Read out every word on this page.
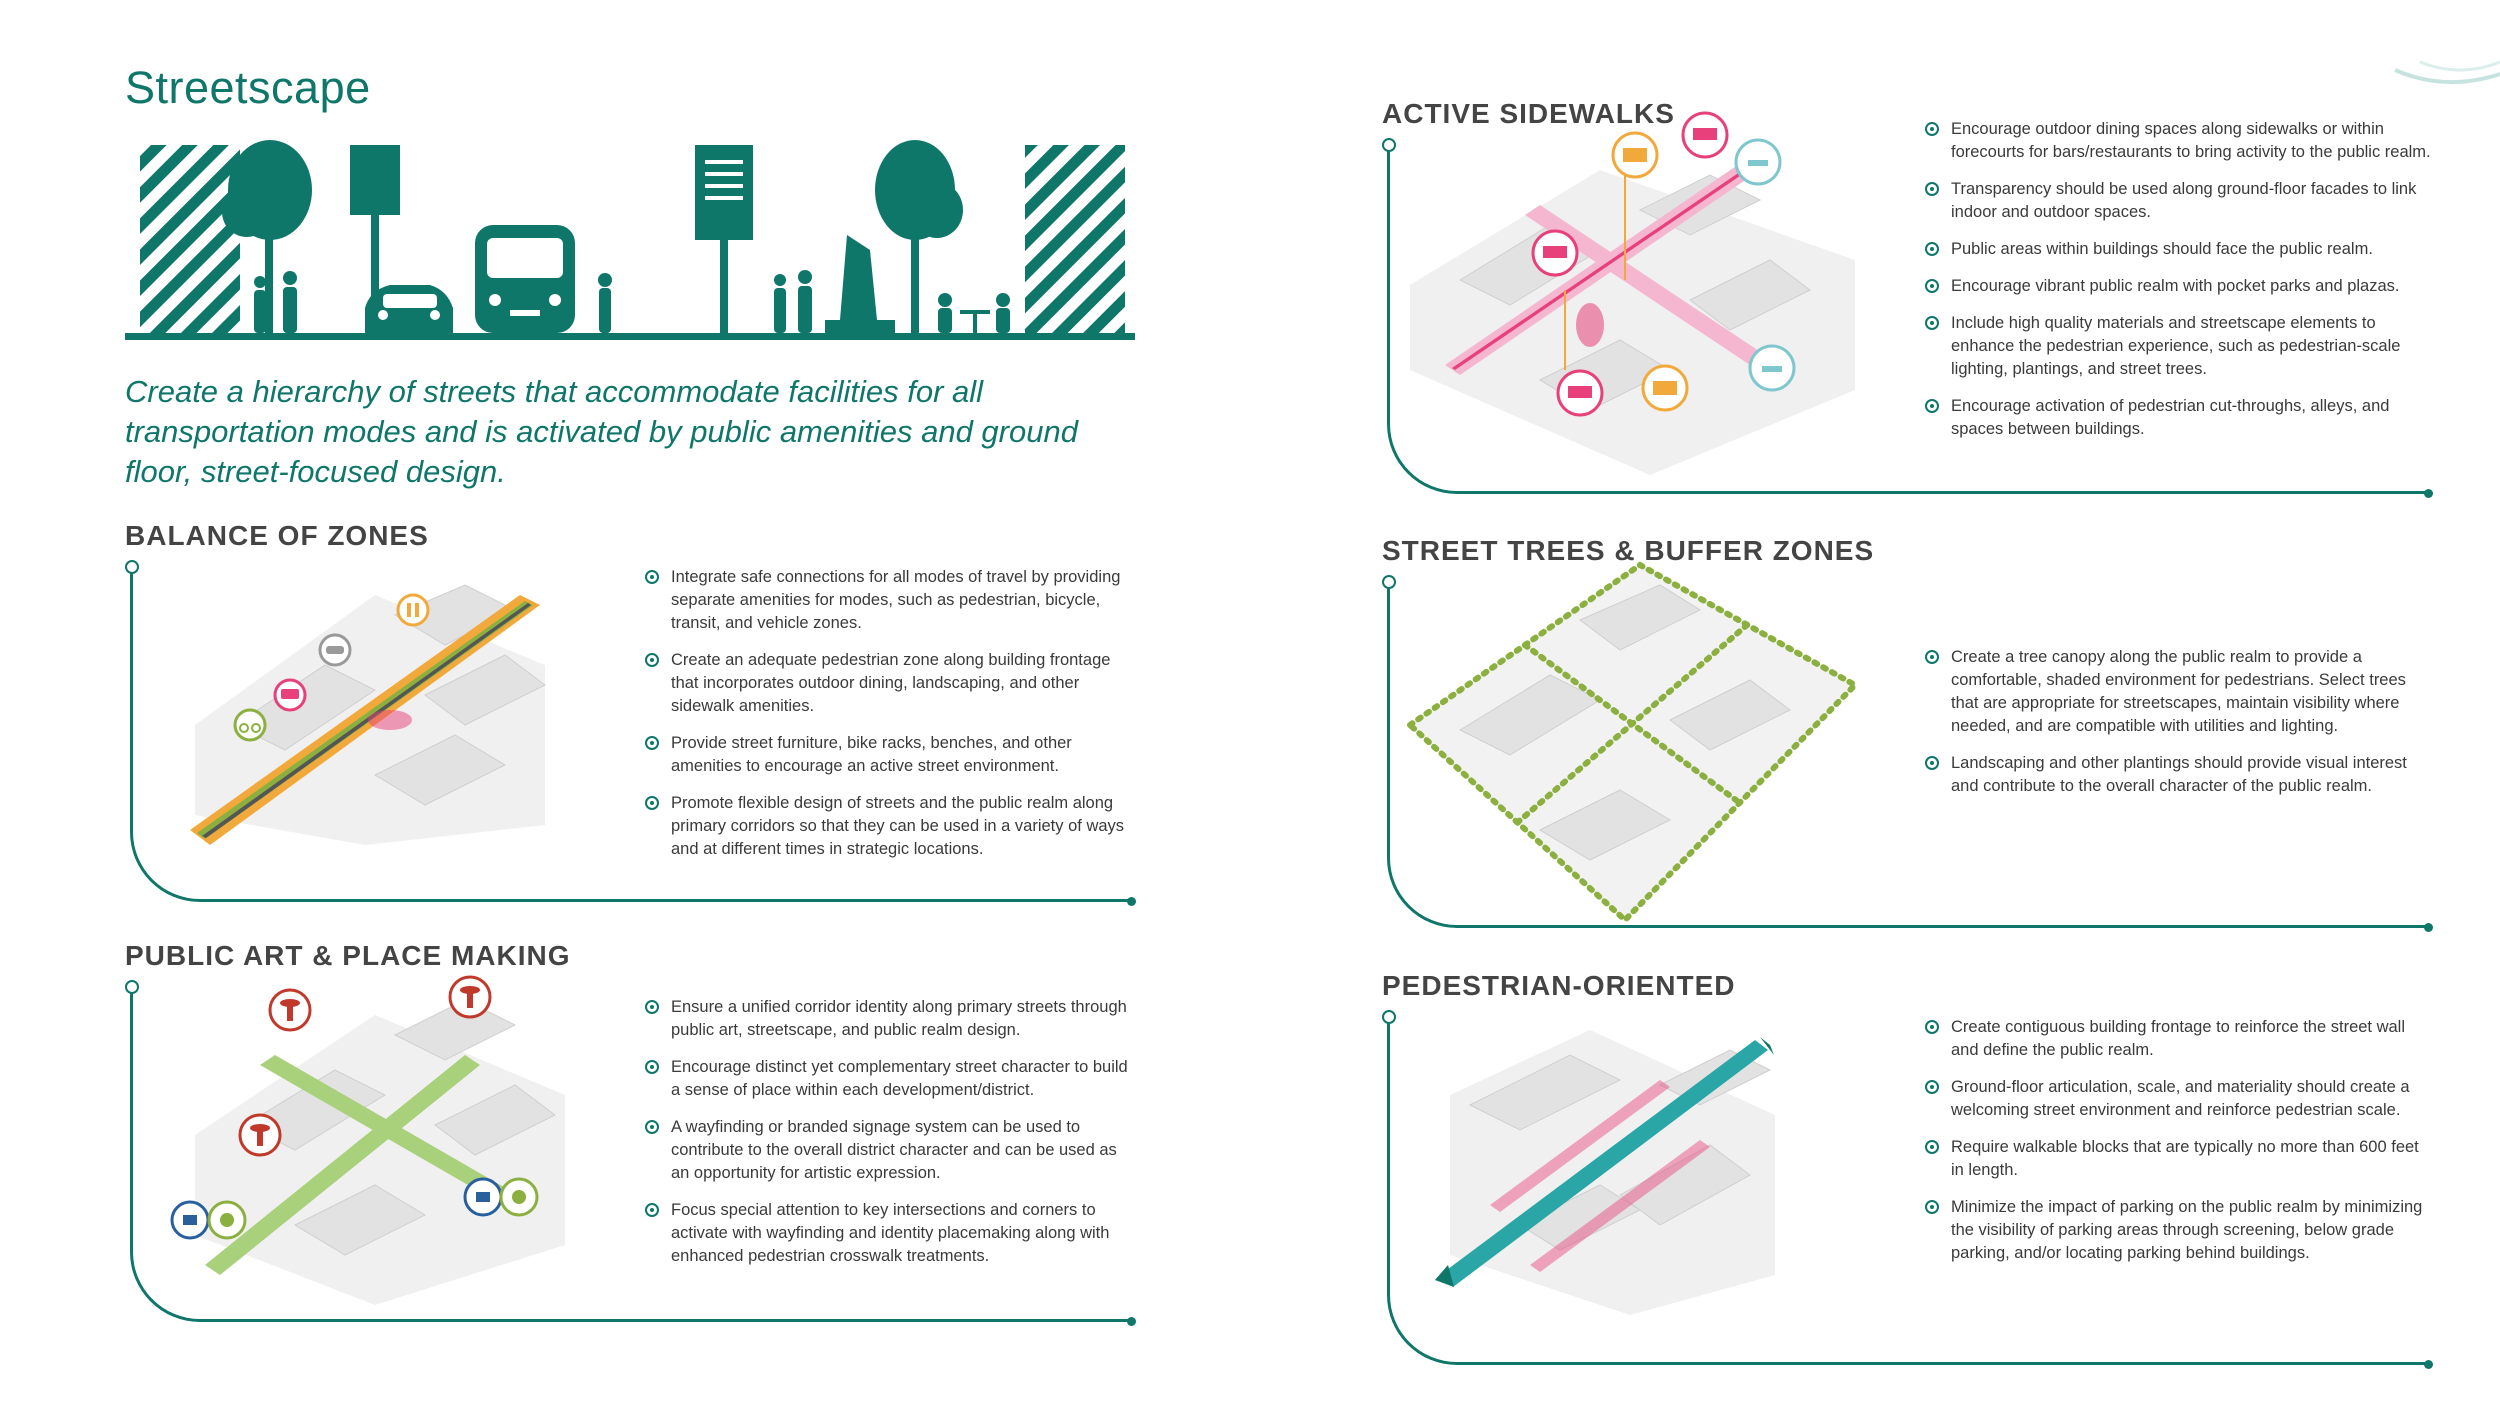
Streetscape

Create a hierarchy of streets that accommodate facilities for all transportation modes and is activated by public amenities and ground floor, street-focused design.

BALANCE OF ZONES
Integrate safe connections for all modes of travel by providing separate amenities for modes, such as pedestrian, bicycle, transit, and vehicle zones.
Create an adequate pedestrian zone along building frontage that incorporates outdoor dining, landscaping, and other sidewalk amenities.
Provide street furniture, bike racks, benches, and other amenities to encourage an active street environment.
Promote flexible design of streets and the public realm along primary corridors so that they can be used in a variety of ways and at different times in strategic locations.
PUBLIC ART & PLACE MAKING
Ensure a unified corridor identity along primary streets through public art, streetscape, and public realm design.
Encourage distinct yet complementary street character to build a sense of place within each development/district.
A wayfinding or branded signage system can be used to contribute to the overall district character and can be used as an opportunity for artistic expression.
Focus special attention to key intersections and corners to activate with wayfinding and identity placemaking along with enhanced pedestrian crosswalk treatments.
ACTIVE SIDEWALKS	Encourage outdoor dining spaces along sidewalks or within forecourts for bars/restaurants to bring activity to the public realm.
Transparency should be used along ground-floor facades to link indoor and outdoor spaces.
Public areas within buildings should face the public realm.
Encourage vibrant public realm with pocket parks and plazas.
Include high quality materials and streetscape elements to enhance the pedestrian experience, such as pedestrian-scale lighting, plantings, and street trees.
Encourage activation of pedestrian cut-throughs, alleys, and spaces between buildings.
STREET TREES & BUFFER ZONES
Create a tree canopy along the public realm to provide a comfortable, shaded environment for pedestrians. Select trees that are appropriate for streetscapes, maintain visibility where needed, and are compatible with utilities and lighting.
Landscaping and other plantings should provide visual interest and contribute to the overall character of the public realm.
PEDESTRIAN-ORIENTED
Create contiguous building frontage to reinforce the street wall and define the public realm.
Ground-floor articulation, scale, and materiality should create a welcoming street environment and reinforce pedestrian scale.
Require walkable blocks that are typically no more than 600 feet in length.
Minimize the impact of parking on the public realm by minimizing the visibility of parking areas through screening, below grade parking, and/or locating parking behind buildings.
